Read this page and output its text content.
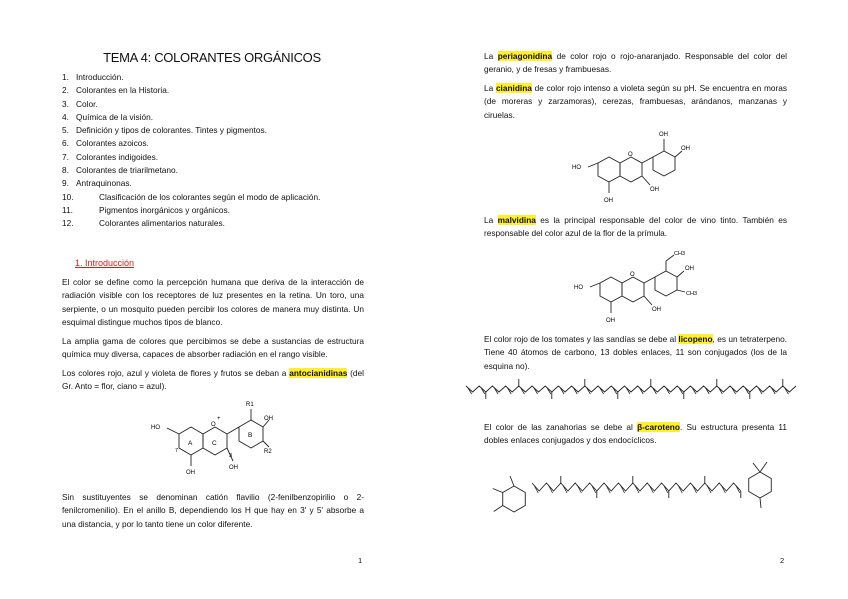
TEMA 4: COLORANTES ORGÁNICOS
1. Introducción.
2. Colorantes en la Historia.
3. Color.
4. Química de la visión.
5. Definición y tipos de colorantes. Tintes y pigmentos.
6. Colorantes azoicos.
7. Colorantes indigoides.
8. Colorantes de triarilmetano.
9. Antraquinonas.
10.	Clasificación de los colorantes según el modo de aplicación.
11.	Pigmentos inorgánicos y orgánicos.
12.	Colorantes alimentarios naturales.
1. Introducción

El color se define como la percepción humana que deriva de la interacción de radiación visible con los receptores de luz presentes en la retina. Un toro, una serpiente, o un mosquito pueden percibir los colores de manera muy distinta. Un esquimal distingue muchos tipos de blanco.

La amplia gama de colores que percibimos se debe a sustancias de estructura química muy diversa, capaces de absorber radiación en el rango visible.

Los colores rojo, azul y violeta de flores y frutos se deban a antocianidinas (del Gr. Anto = flor, ciano = azul).

HO
7
A	C
B
O
+
3
OH
OH
R1
OH
R2

Sin sustituyentes se denominan catión flavilio (2-fenilbenzopirilio o 2-fenilcromenilio). En el anillo B, dependiendo los H que hay en 3' y 5' absorbe a una distancia, y por lo tanto tiene un color diferente.

1

La periagonidina de color rojo o rojo-anaranjado. Responsable del color del geranio, y de fresas y frambuesas.

La cianidina de color rojo intenso a violeta según su pH. Se encuentra en moras (de moreras y zarzamoras), cerezas, frambuesas, arándanos, manzanas y ciruelas.

HO
O
OH
OH
OH
OH

La malvidina es la principal responsable del color de vino tinto. También es responsable del color azul de la flor de la prímula.

HO
O
OH
OH
OH
CH3
CH3

El color rojo de los tomates y las sandías se debe al licopeno, es un tetraterpeno. Tiene 40 átomos de carbono, 13 dobles enlaces, 11 son conjugados (los de la esquina no).

El color de las zanahorias se debe al β-caroteno. Su estructura presenta 11 dobles enlaces conjugados y dos endocíclicos.

2
